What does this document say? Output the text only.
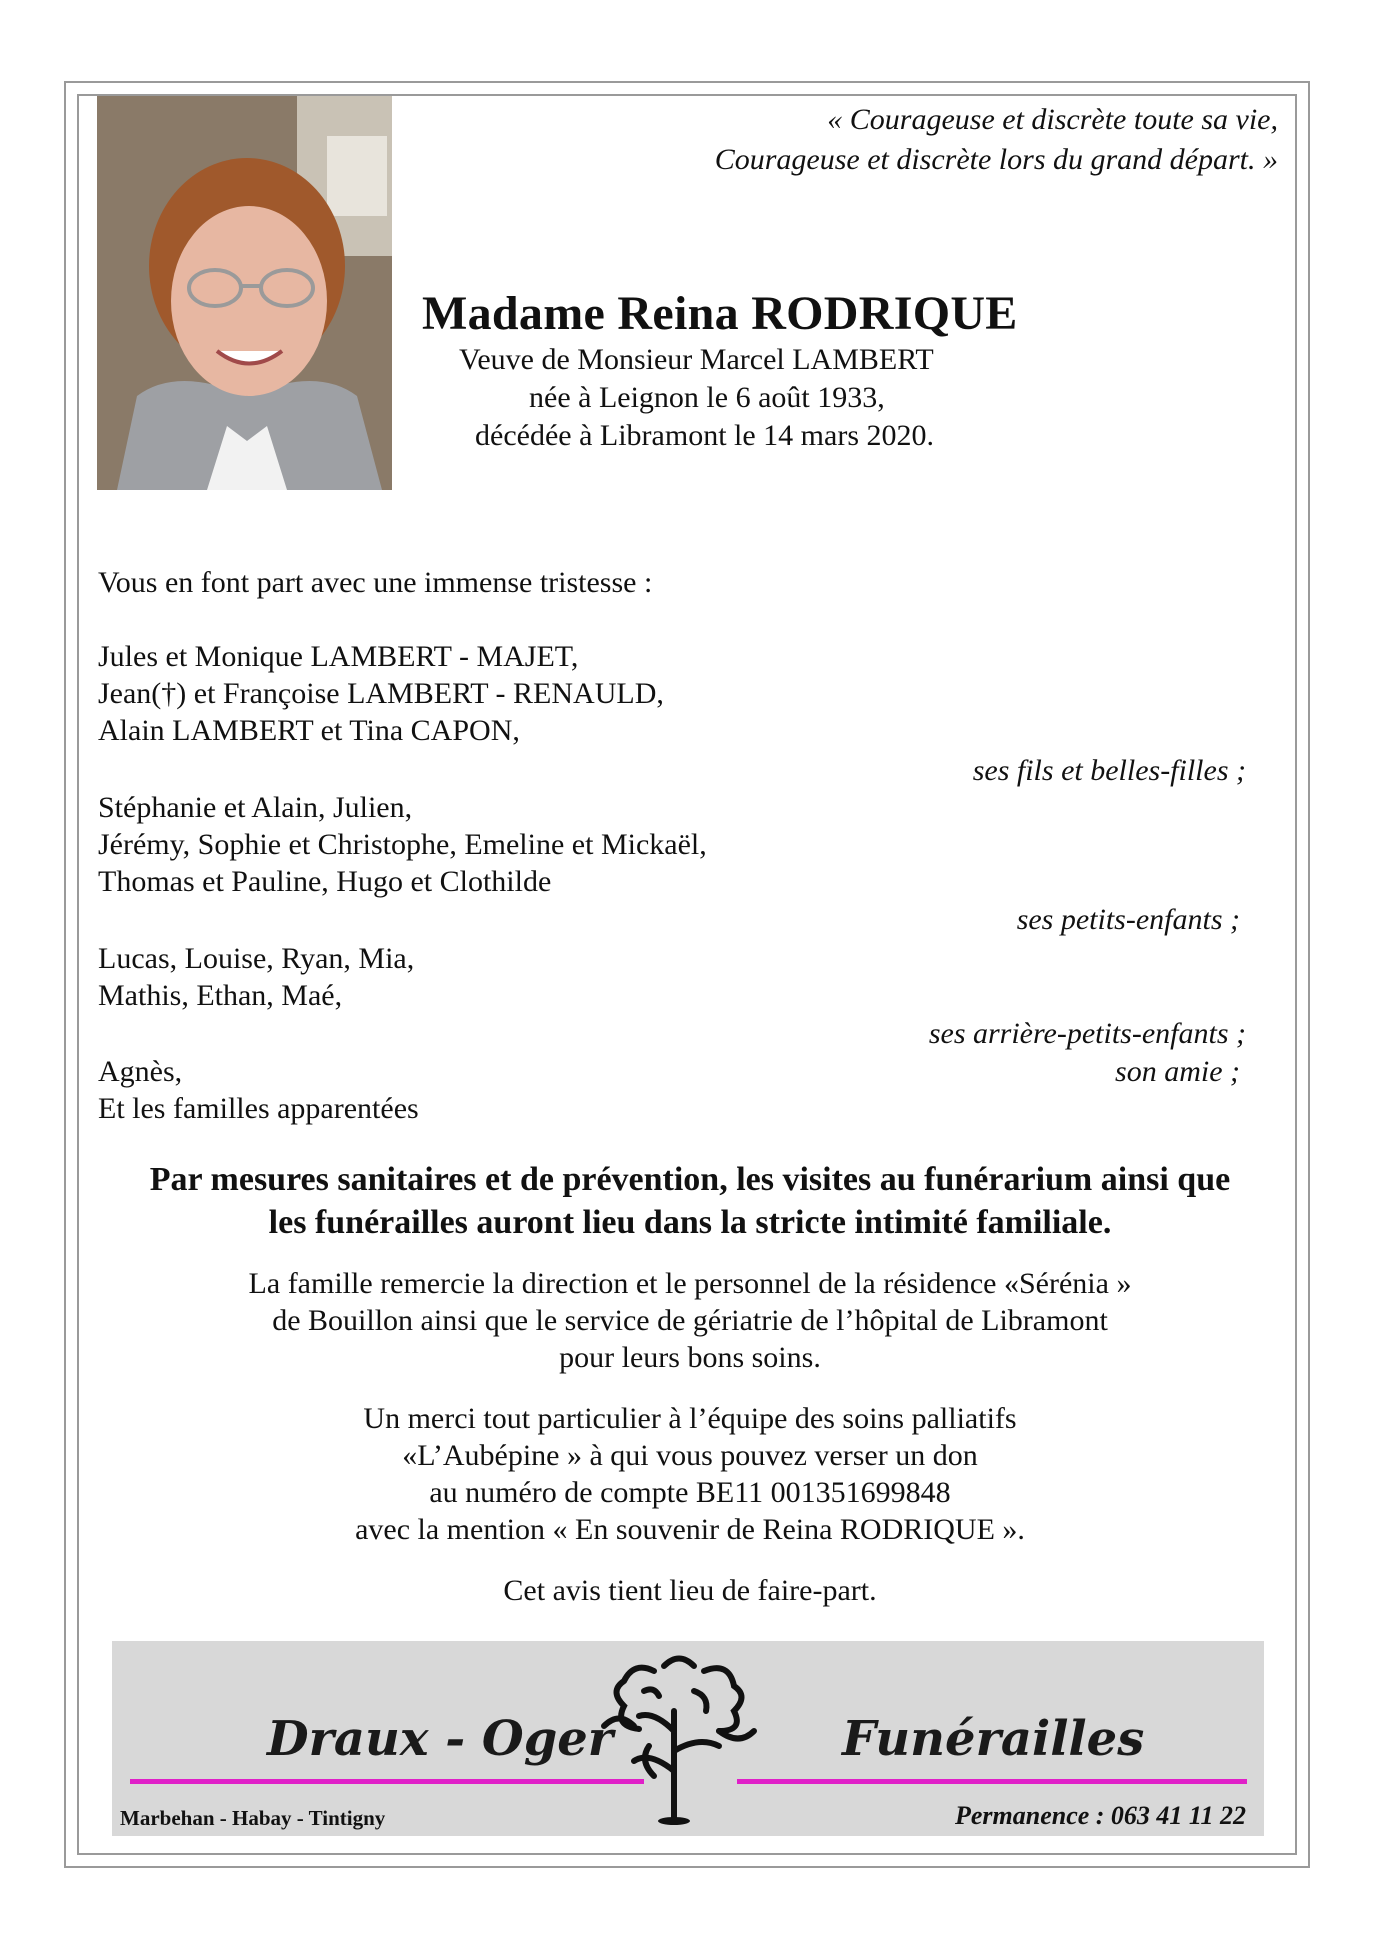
« Courageuse et discrète toute sa vie,
Courageuse et discrète lors du grand départ. »
Madame Reina RODRIQUE
Veuve de Monsieur Marcel LAMBERT
née à Leignon le 6 août 1933,
décédée à Libramont le 14 mars 2020.
Vous en font part avec une immense tristesse :
Jules et Monique LAMBERT - MAJET,
Jean(†) et Françoise LAMBERT - RENAULD,
Alain LAMBERT et Tina CAPON,
ses fils et belles-filles ;
Stéphanie et Alain, Julien,
Jérémy, Sophie et Christophe, Emeline et Mickaël,
Thomas et Pauline, Hugo et Clothilde
ses petits-enfants ;
Lucas, Louise, Ryan, Mia,
Mathis, Ethan, Maé,
ses arrière-petits-enfants ;
Agnès,
Et les familles apparentées
son amie ;
Par mesures sanitaires et de prévention, les visites au funérarium ainsi que
les funérailles auront lieu dans la stricte intimité familiale.
La famille remercie la direction et le personnel de la résidence «Sérénia »
de Bouillon ainsi que le service de gériatrie de l’hôpital de Libramont
pour leurs bons soins.
Un merci tout particulier à l’équipe des soins palliatifs
«L’Aubépine » à qui vous pouvez verser un don
au numéro de compte BE11 001351699848
avec la mention « En souvenir de Reina RODRIQUE ».
Cet avis tient lieu de faire-part.
Draux - Oger	Funérailles
Marbehan - Habay - Tintigny	Permanence : 063 41 11 22
